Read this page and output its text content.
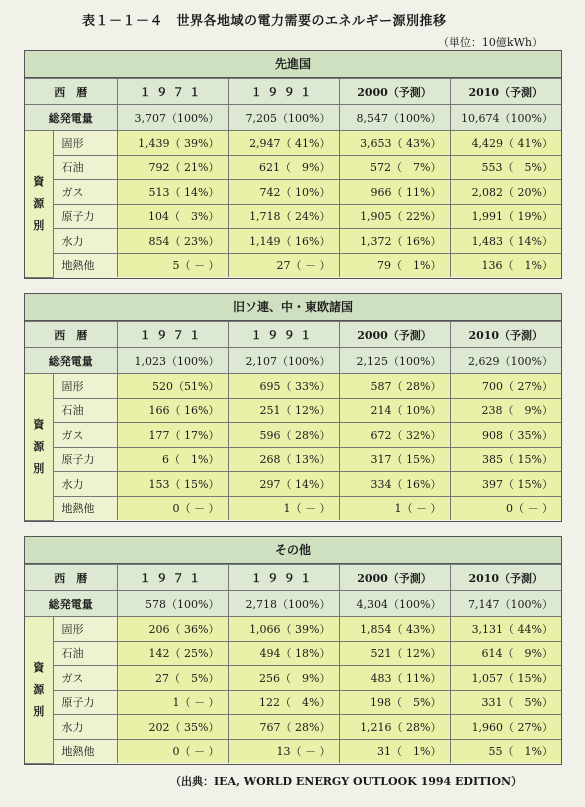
表１－１－４　世界各地域の電力需要のエネルギー源別推移
（単位：10億kWh）
先進国
西　暦		１９７１	１９９１	2000（予測）	2010（予測）
総発電量		3,707（100%）	7,205（100%）	8,547（100%）	10,674（100%）

資
源
別	固形	1,439（ 39%）	2,947（ 41%）	3,653（ 43%）	4,429（ 41%）
	石油	792（ 21%）	621（　9%）	572（　7%）	553（　5%）
	ガス	513（ 14%）	742（ 10%）	966（ 11%）	2,082（ 20%）
	原子力	104（　3%）	1,718（ 24%）	1,905（ 22%）	1,991（ 19%）
	水力	854（ 23%）	1,149（ 16%）	1,372（ 16%）	1,483（ 14%）
	地熱他	5（ － ）	27（ － ）	79（　1%）	136（　1%）
旧ソ連、中・東欧諸国
西　暦		１９７１	１９９１	2000（予測）	2010（予測）
総発電量		1,023（100%）	2,107（100%）	2,125（100%）	2,629（100%）

資
源
別	固形	520（51%）	695（ 33%）	587（ 28%）	700（ 27%）
	石油	166（ 16%）	251（ 12%）	214（ 10%）	238（　9%）
	ガス	177（ 17%）	596（ 28%）	672（ 32%）	908（ 35%）
	原子力	6（　1%）	268（ 13%）	317（ 15%）	385（ 15%）
	水力	153（ 15%）	297（ 14%）	334（ 16%）	397（ 15%）
	地熱他	0（ － ）	1（ － ）	1（ － ）	0（ － ）
その他
西　暦		１９７１	１９９１	2000（予測）	2010（予測）
総発電量		578（100%）	2,718（100%）	4,304（100%）	7,147（100%）

資
源
別	固形	206（ 36%）	1,066（ 39%）	1,854（ 43%）	3,131（ 44%）
	石油	142（ 25%）	494（ 18%）	521（ 12%）	614（　9%）
	ガス	27（　5%）	256（　9%）	483（ 11%）	1,057（ 15%）
	原子力	1（ － ）	122（　4%）	198（　5%）	331（　5%）
	水力	202（ 35%）	767（ 28%）	1,216（ 28%）	1,960（ 27%）
	地熱他	0（ － ）	13（ － ）	31（　1%）	55（　1%）
（出典：IEA, WORLD ENERGY OUTLOOK 1994 EDITION）
